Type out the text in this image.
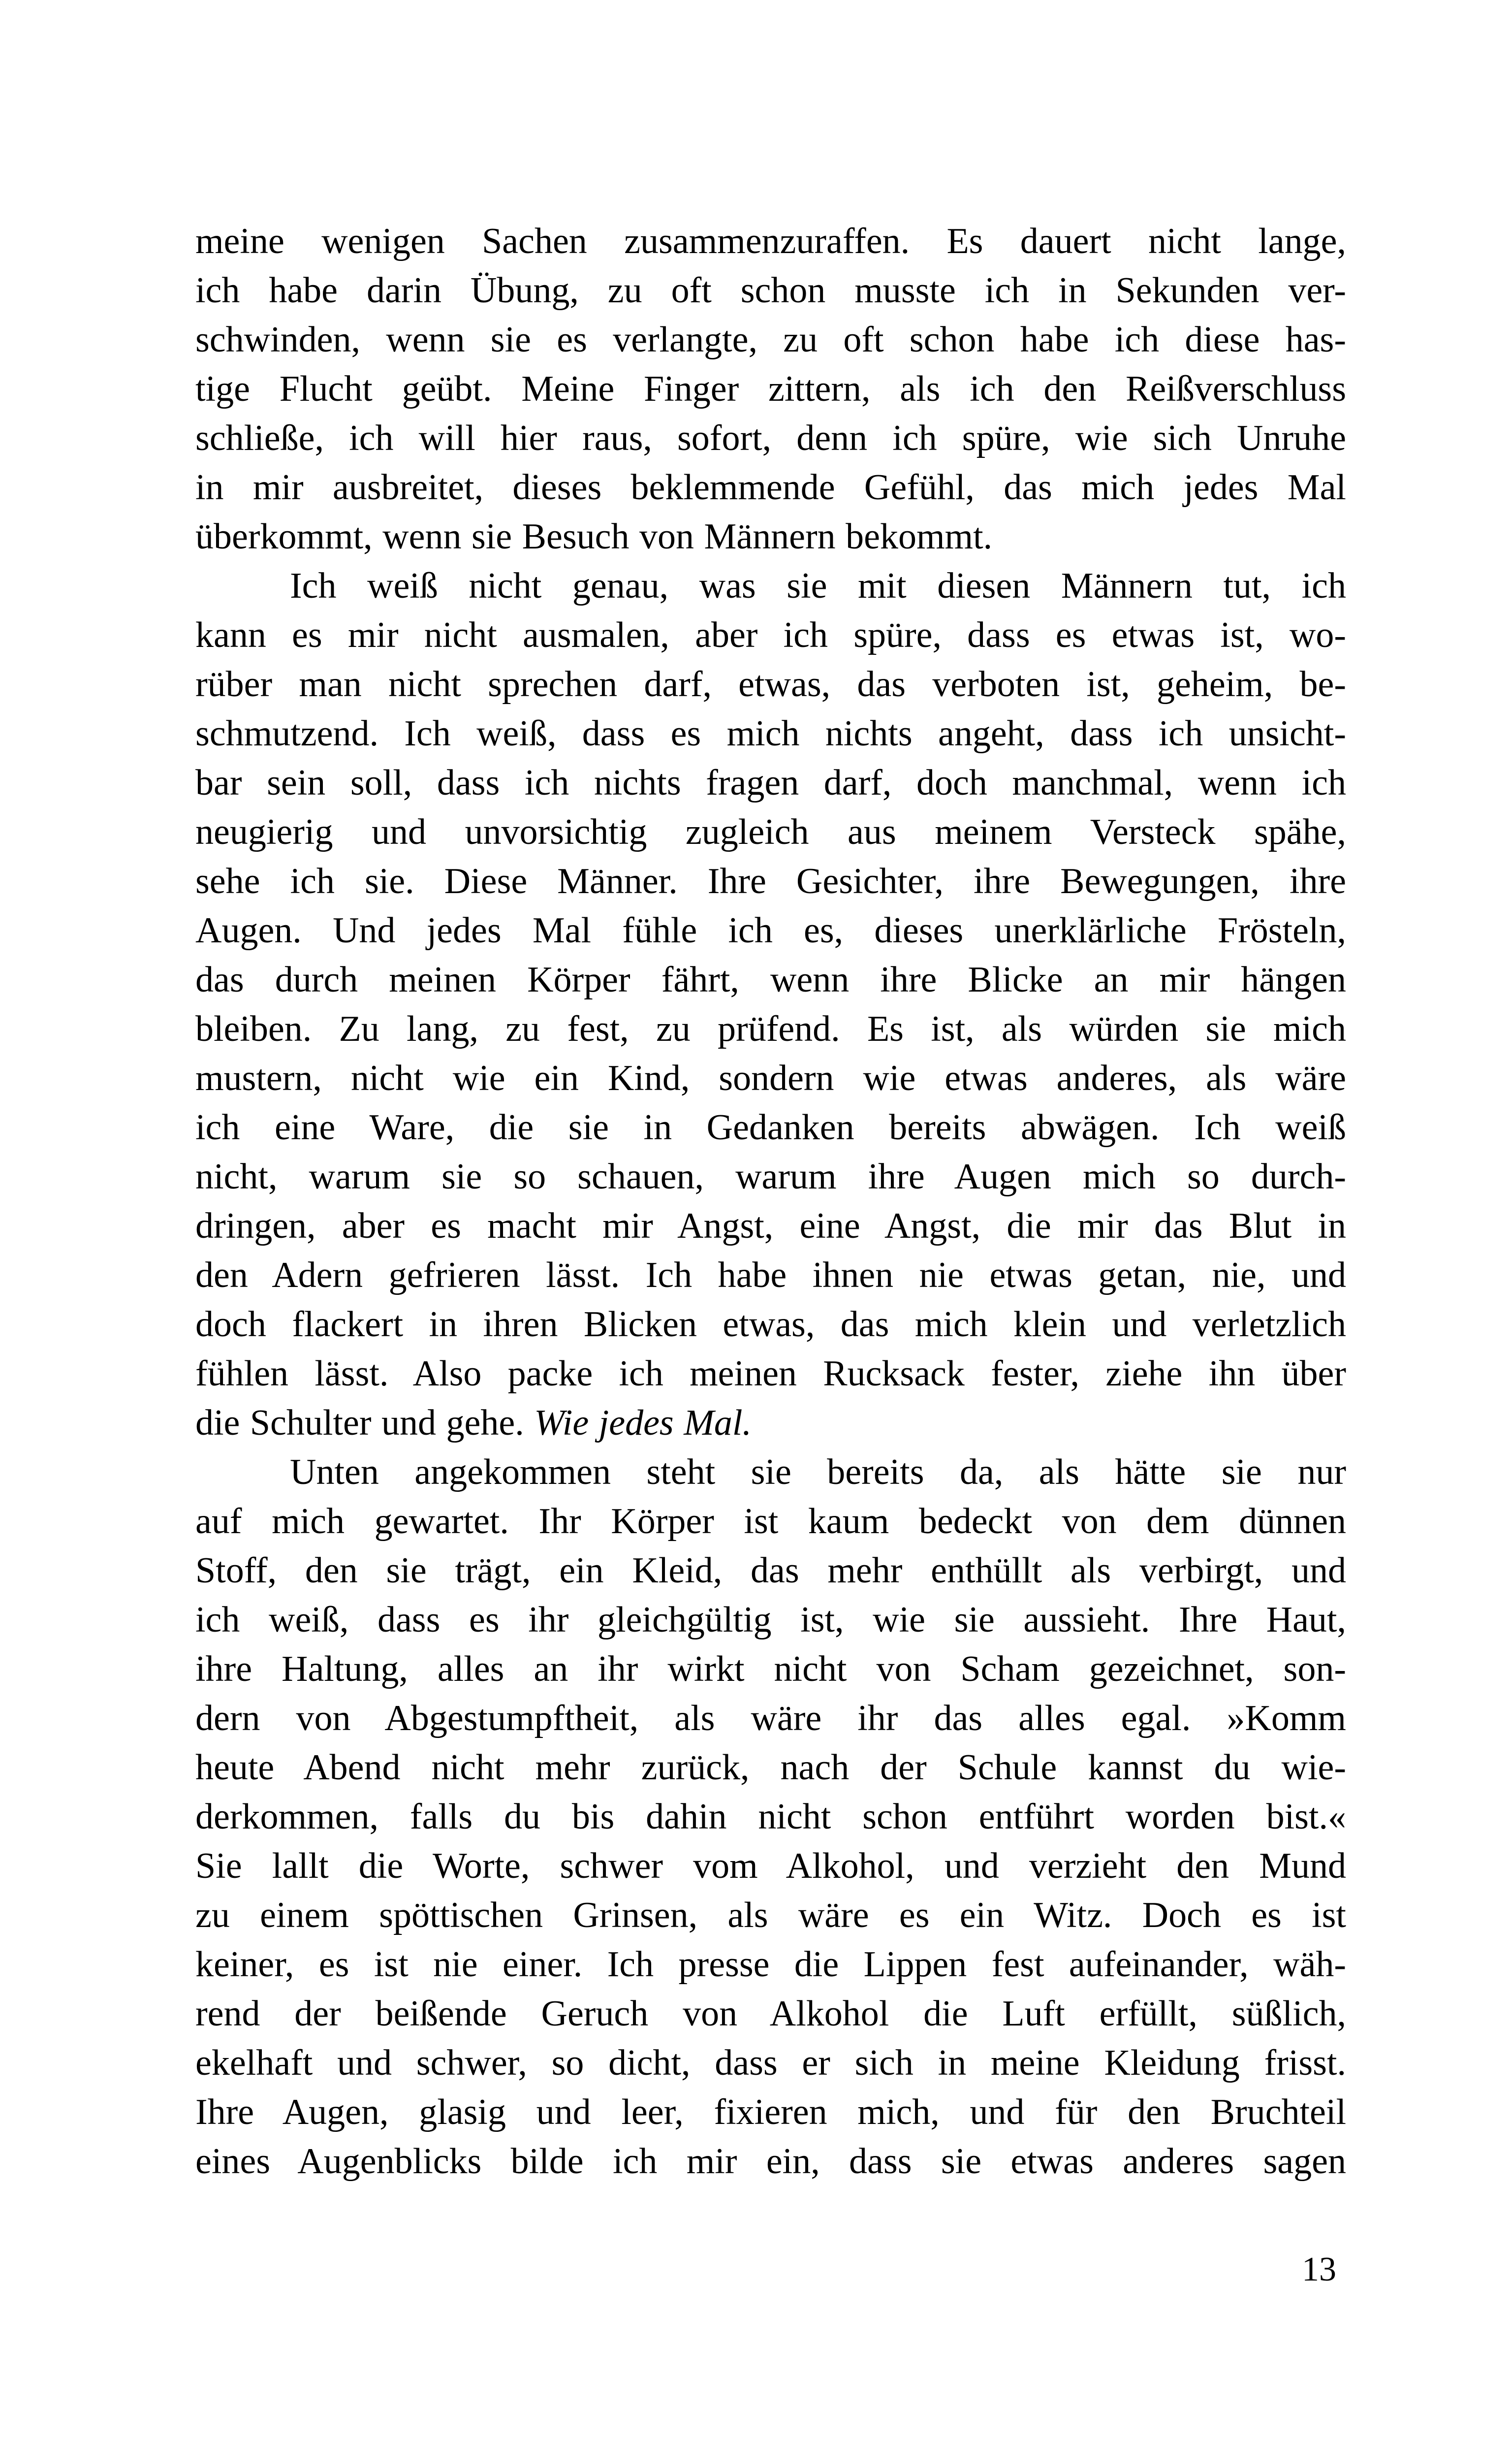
meine wenigen Sachen zusammenzuraffen. Es dauert nicht lange,
ich habe darin Übung, zu oft schon musste ich in Sekunden ver-
schwinden, wenn sie es verlangte, zu oft schon habe ich diese has-
tige Flucht geübt. Meine Finger zittern, als ich den Reißverschluss
schließe, ich will hier raus, sofort, denn ich spüre, wie sich Unruhe
in mir ausbreitet, dieses beklemmende Gefühl, das mich jedes Mal
überkommt, wenn sie Besuch von Männern bekommt.
Ich weiß nicht genau, was sie mit diesen Männern tut, ich
kann es mir nicht ausmalen, aber ich spüre, dass es etwas ist, wo-
rüber man nicht sprechen darf, etwas, das verboten ist, geheim, be-
schmutzend. Ich weiß, dass es mich nichts angeht, dass ich unsicht-
bar sein soll, dass ich nichts fragen darf, doch manchmal, wenn ich
neugierig und unvorsichtig zugleich aus meinem Versteck spähe,
sehe ich sie. Diese Männer. Ihre Gesichter, ihre Bewegungen, ihre
Augen. Und jedes Mal fühle ich es, dieses unerklärliche Frösteln,
das durch meinen Körper fährt, wenn ihre Blicke an mir hängen
bleiben. Zu lang, zu fest, zu prüfend. Es ist, als würden sie mich
mustern, nicht wie ein Kind, sondern wie etwas anderes, als wäre
ich eine Ware, die sie in Gedanken bereits abwägen. Ich weiß
nicht, warum sie so schauen, warum ihre Augen mich so durch-
dringen, aber es macht mir Angst, eine Angst, die mir das Blut in
den Adern gefrieren lässt. Ich habe ihnen nie etwas getan, nie, und
doch flackert in ihren Blicken etwas, das mich klein und verletzlich
fühlen lässt. Also packe ich meinen Rucksack fester, ziehe ihn über
die Schulter und gehe. Wie jedes Mal.
Unten angekommen steht sie bereits da, als hätte sie nur
auf mich gewartet. Ihr Körper ist kaum bedeckt von dem dünnen
Stoff, den sie trägt, ein Kleid, das mehr enthüllt als verbirgt, und
ich weiß, dass es ihr gleichgültig ist, wie sie aussieht. Ihre Haut,
ihre Haltung, alles an ihr wirkt nicht von Scham gezeichnet, son-
dern von Abgestumpftheit, als wäre ihr das alles egal. »Komm
heute Abend nicht mehr zurück, nach der Schule kannst du wie-
derkommen, falls du bis dahin nicht schon entführt worden bist.«
Sie lallt die Worte, schwer vom Alkohol, und verzieht den Mund
zu einem spöttischen Grinsen, als wäre es ein Witz. Doch es ist
keiner, es ist nie einer. Ich presse die Lippen fest aufeinander, wäh-
rend der beißende Geruch von Alkohol die Luft erfüllt, süßlich,
ekelhaft und schwer, so dicht, dass er sich in meine Kleidung frisst.
Ihre Augen, glasig und leer, fixieren mich, und für den Bruchteil
eines Augenblicks bilde ich mir ein, dass sie etwas anderes sagen
13
